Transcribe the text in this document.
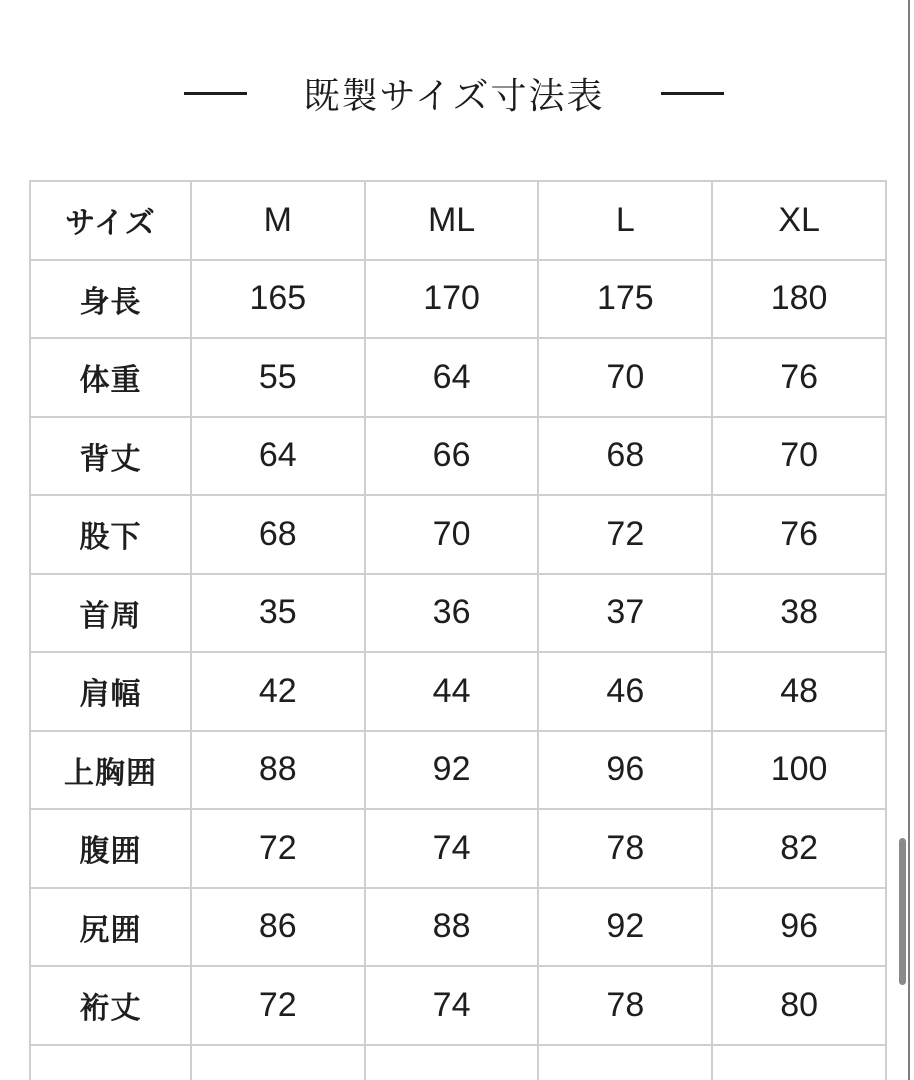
既製サイズ寸法表
サイズ	M	ML	L	XL
身長	165	170	175	180
体重	55	64	70	76
背丈	64	66	68	70
股下	68	70	72	76
首周	35	36	37	38
肩幅	42	44	46	48
上胸囲	88	92	96	100
腹囲	72	74	78	82
尻囲	86	88	92	96
裄丈	72	74	78	80
